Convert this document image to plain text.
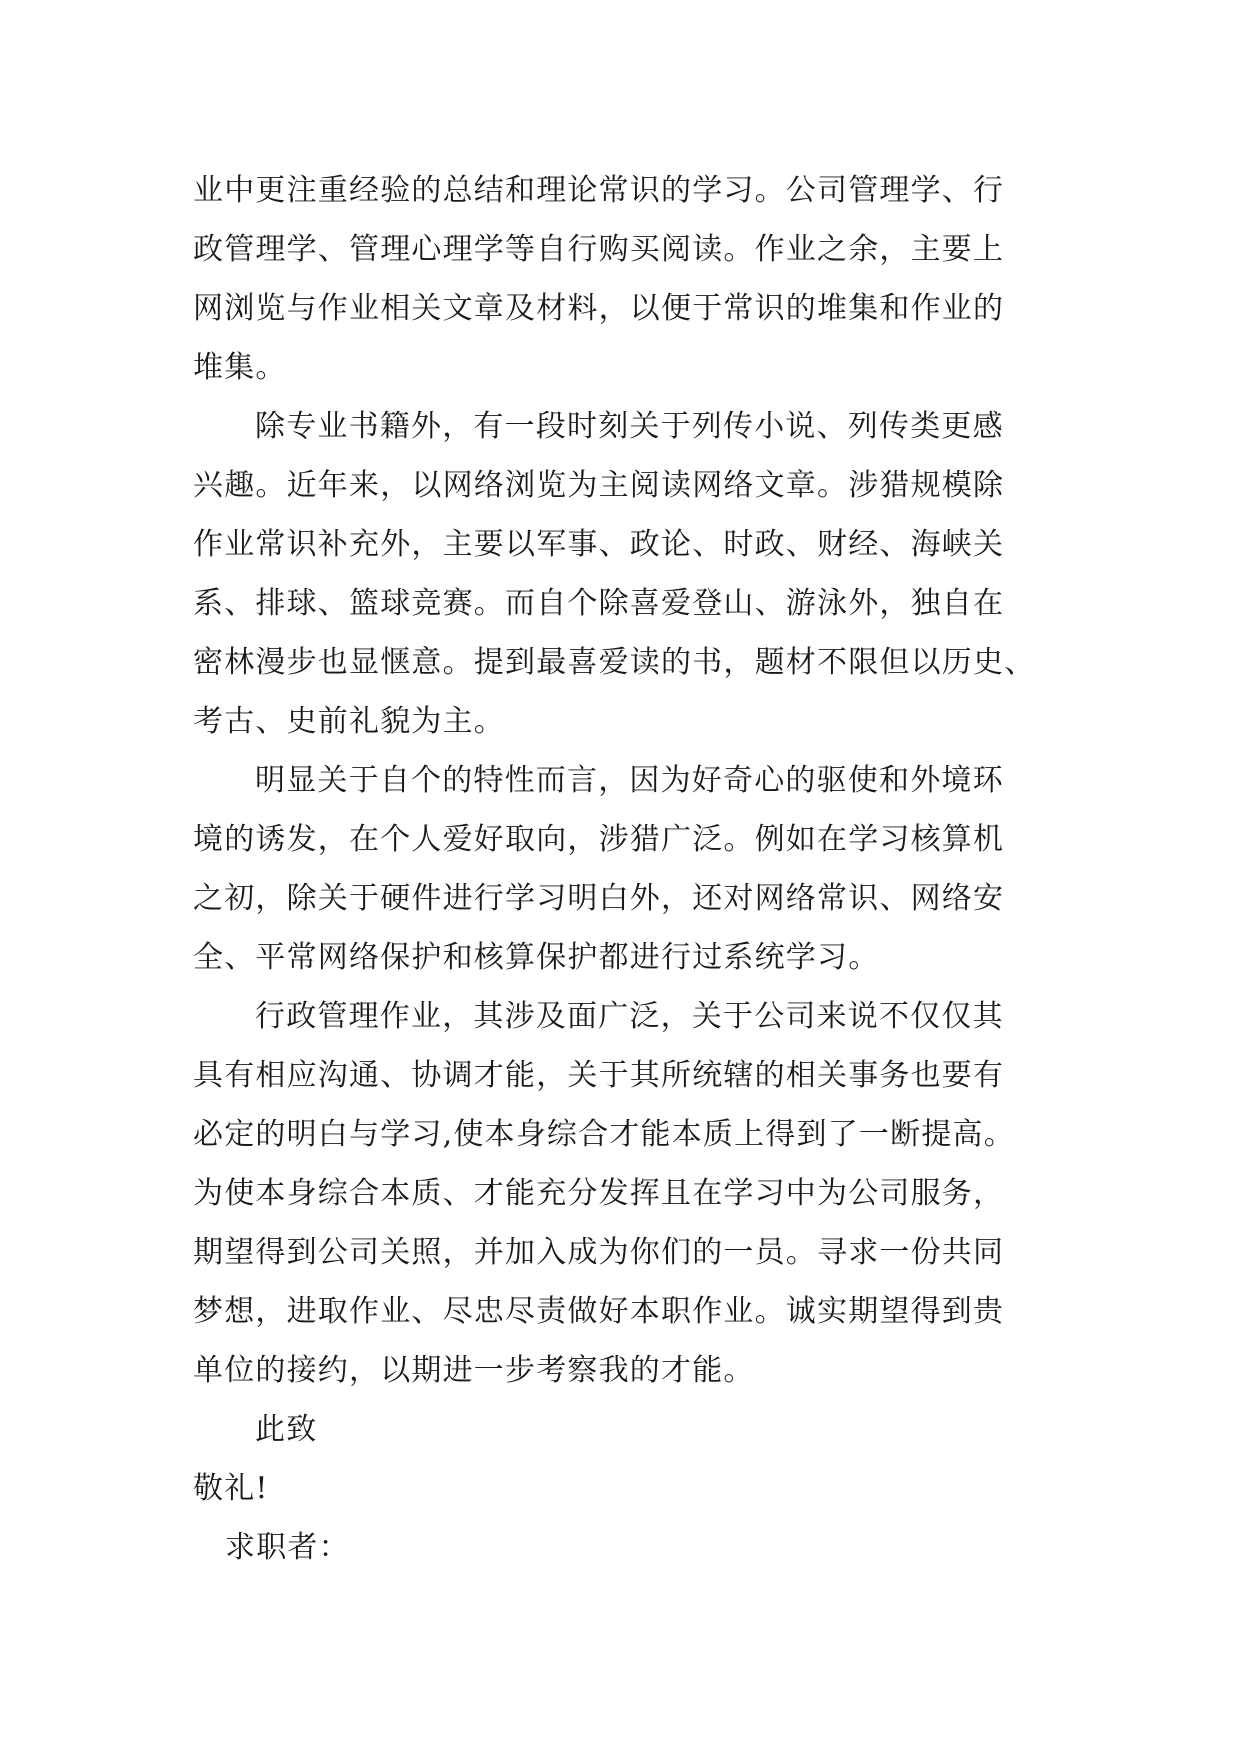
业中更注重经验的总结和理论常识的学习。公司管理学、行
政管理学、管理心理学等自行购买阅读。作业之余，主要上
网浏览与作业相关文章及材料，以便于常识的堆集和作业的
堆集。
除专业书籍外，有一段时刻关于列传小说、列传类更感
兴趣。近年来，以网络浏览为主阅读网络文章。涉猎规模除
作业常识补充外，主要以军事、政论、时政、财经、海峡关
系、排球、篮球竞赛。而自个除喜爱登山、游泳外，独自在
密林漫步也显惬意。提到最喜爱读的书，题材不限但以历史、
考古、史前礼貌为主。
明显关于自个的特性而言，因为好奇心的驱使和外境环
境的诱发，在个人爱好取向，涉猎广泛。例如在学习核算机
之初，除关于硬件进行学习明白外，还对网络常识、网络安
全、平常网络保护和核算保护都进行过系统学习。
行政管理作业，其涉及面广泛，关于公司来说不仅仅其
具有相应沟通、协调才能，关于其所统辖的相关事务也要有
必定的明白与学习,使本身综合才能本质上得到了一断提高。
为使本身综合本质、才能充分发挥且在学习中为公司服务，
期望得到公司关照，并加入成为你们的一员。寻求一份共同
梦想，进取作业、尽忠尽责做好本职作业。诚实期望得到贵
单位的接约，以期进一步考察我的才能。
此致
敬礼!
求职者：
